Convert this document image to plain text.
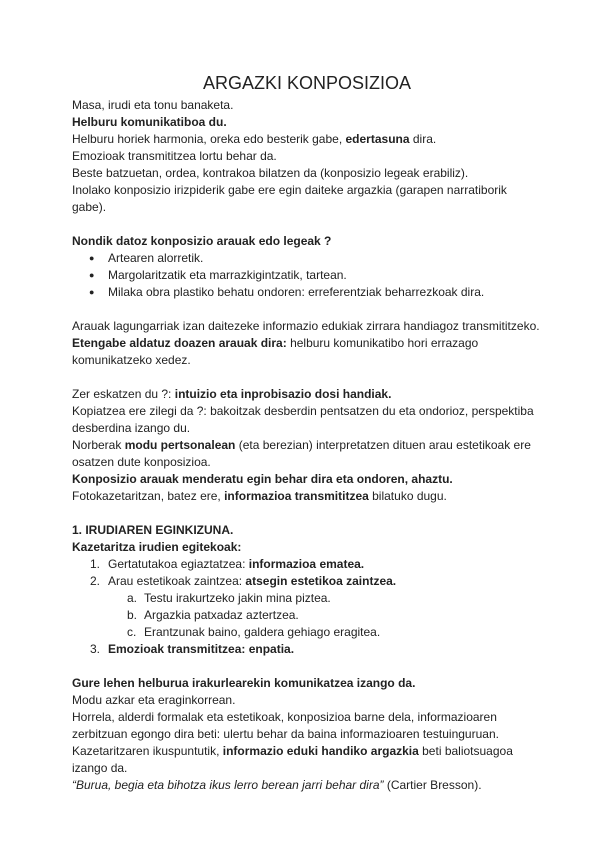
ARGAZKI KONPOSIZIOA

Masa, irudi eta tonu banaketa.

Helburu komunikatiboa du.

Helburu horiek harmonia, oreka edo besterik gabe, edertasuna dira.

Emozioak transmititzea lortu behar da.

Beste batzuetan, ordea, kontrakoa bilatzen da (konposizio legeak erabiliz).

Inolako konposizio irizpiderik gabe ere egin daiteke argazkia (garapen narratiborik gabe).

Nondik datoz konposizio arauak edo legeak ?

● Artearen alorretik.
● Margolaritzatik eta marrazkigintzatik, tartean.
● Milaka obra plastiko behatu ondoren: erreferentziak beharrezkoak dira.

Arauak lagungarriak izan daitezeke informazio edukiak zirrara handiagoz transmititzeko.

Etengabe aldatuz doazen arauak dira: helburu komunikatibo hori errazago komunikatzeko xedez.

Zer eskatzen du ?: intuizio eta inprobisazio dosi handiak.

Kopiatzea ere zilegi da ?: bakoitzak desberdin pentsatzen du eta ondorioz, perspektiba desberdina izango du.

Norberak modu pertsonalean (eta berezian) interpretatzen dituen arau estetikoak ere osatzen dute konposizioa.

Konposizio arauak menderatu egin behar dira eta ondoren, ahaztu.

Fotokazetaritzan, batez ere, informazioa transmititzea bilatuko dugu.

1. IRUDIAREN EGINKIZUNA.

Kazetaritza irudien egitekoak:

1. Gertatutakoa egiaztatzea: informazioa ematea.
2. Arau estetikoak zaintzea: atsegin estetikoa zaintzea.
a. Testu irakurtzeko jakin mina piztea.
b. Argazkia patxadaz aztertzea.
c. Erantzunak baino, galdera gehiago eragitea.
3. Emozioak transmititzea: enpatia.

Gure lehen helburua irakurlearekin komunikatzea izango da.

Modu azkar eta eraginkorrean.

Horrela, alderdi formalak eta estetikoak, konposizioa barne dela, informazioaren zerbitzuan egongo dira beti: ulertu behar da baina informazioaren testuinguruan.

Kazetaritzaren ikuspuntutik, informazio eduki handiko argazkia beti baliotsuagoa izango da.

“Burua, begia eta bihotza ikus lerro berean jarri behar dira” (Cartier Bresson).
